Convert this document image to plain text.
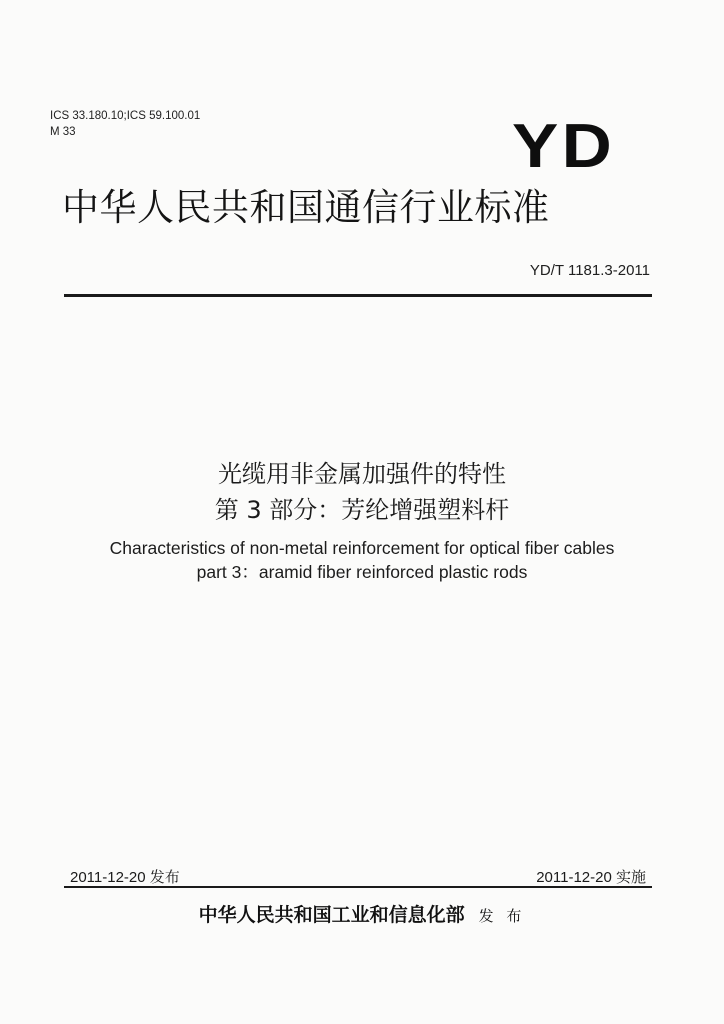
ICS 33.180.10;ICS 59.100.01
M 33	YD
中华人民共和国通信行业标准
YD/T 1181.3-2011
光缆用非金属加强件的特性
第 3 部分：芳纶增强塑料杆
Characteristics of non-metal reinforcement for optical fiber cables
part 3：aramid fiber reinforced plastic rods
2011-12-20 发布	2011-12-20 实施
中华人民共和国工业和信息化部 发 布
